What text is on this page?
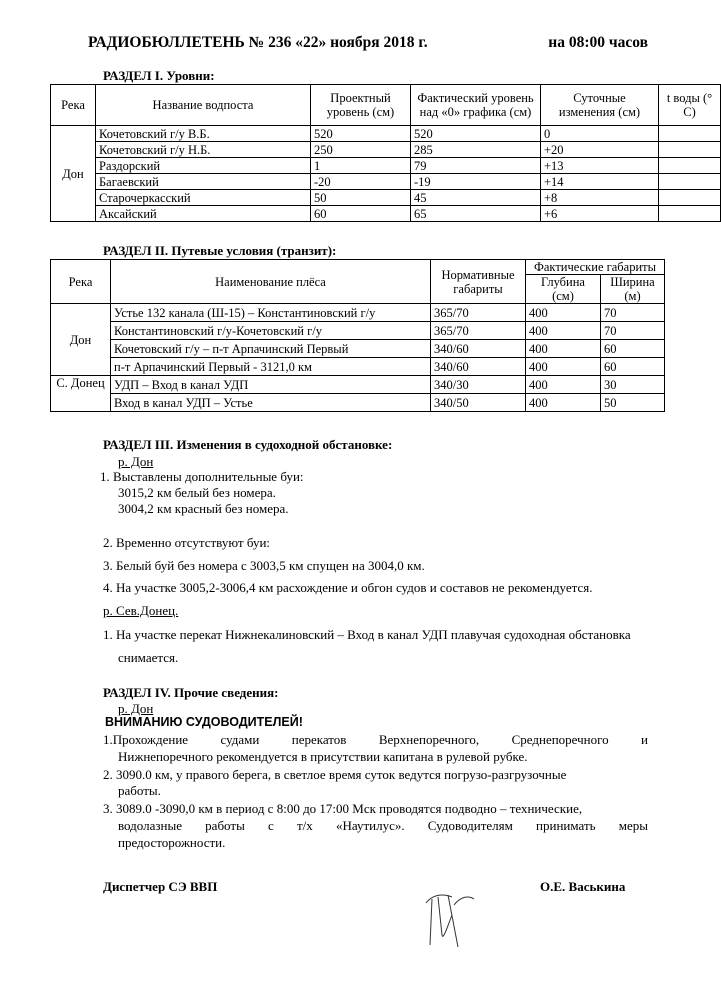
РАДИОБЮЛЛЕТЕНЬ № 236 «22» ноября 2018 г.	на 08:00 часов
РАЗДЕЛ I. Уровни:
Река	Название водпоста	Проектный уровень (см)	Фактический уровень над «0» графика (см)	Суточные изменения (см)	t воды (° С)
Дон	Кочетовский г/у В.Б.	520	520	0	
	Кочетовский г/у Н.Б.	250	285	+20	
	Раздорский	1	79	+13	
	Багаевский	-20	-19	+14	
	Старочеркасский	50	45	+8	
	Аксайский	60	65	+6	
РАЗДЕЛ II. Путевые условия (транзит):
Река	Наименование плёса	Нормативные габариты	Фактические габариты	
			Глубина (см)	Ширина (м)
Дон	Устье 132 канала (Ш-15) – Константиновский г/у	365/70	400	70
	Константиновский г/у-Кочетовский г/у	365/70	400	70
	Кочетовский г/у – п-т Арпачинский Первый	340/60	400	60
	п-т Арпачинский Первый - 3121,0 км	340/60	400	60
С. Донец	УДП – Вход в канал УДП	340/30	400	30
	Вход в канал УДП – Устье	340/50	400	50
РАЗДЕЛ III. Изменения в судоходной обстановке:
р. Дон
1. Выставлены дополнительные буи:
3015,2 км белый без номера.
3004,2 км красный без номера.
2. Временно отсутствуют буи:
3. Белый буй без номера с 3003,5 км спущен на 3004,0 км.
4. На участке 3005,2-3006,4 км расхождение и обгон судов и составов не рекомендуется.
р. Сев.Донец.
1. На участке перекат Нижнекалиновский – Вход в канал УДП плавучая судоходная обстановка
снимается.
РАЗДЕЛ IV. Прочие сведения:
р. Дон
ВНИМАНИЮ СУДОВОДИТЕЛЕЙ!
1.Прохождение судами перекатов Верхнепоречного, Среднепоречного и
Нижнепоречного рекомендуется в присутствии капитана в рулевой рубке.
2. 3090.0 км, у правого берега, в светлое время суток ведутся погрузо-разгрузочные
работы.
3. 3089.0 -3090,0 км в период с 8:00 до 17:00 Мск проводятся подводно – технические,
водолазные работы с т/х «Наутилус». Судоводителям принимать меры
предосторожности.
Диспетчер СЭ ВВП	О.Е. Васькина
